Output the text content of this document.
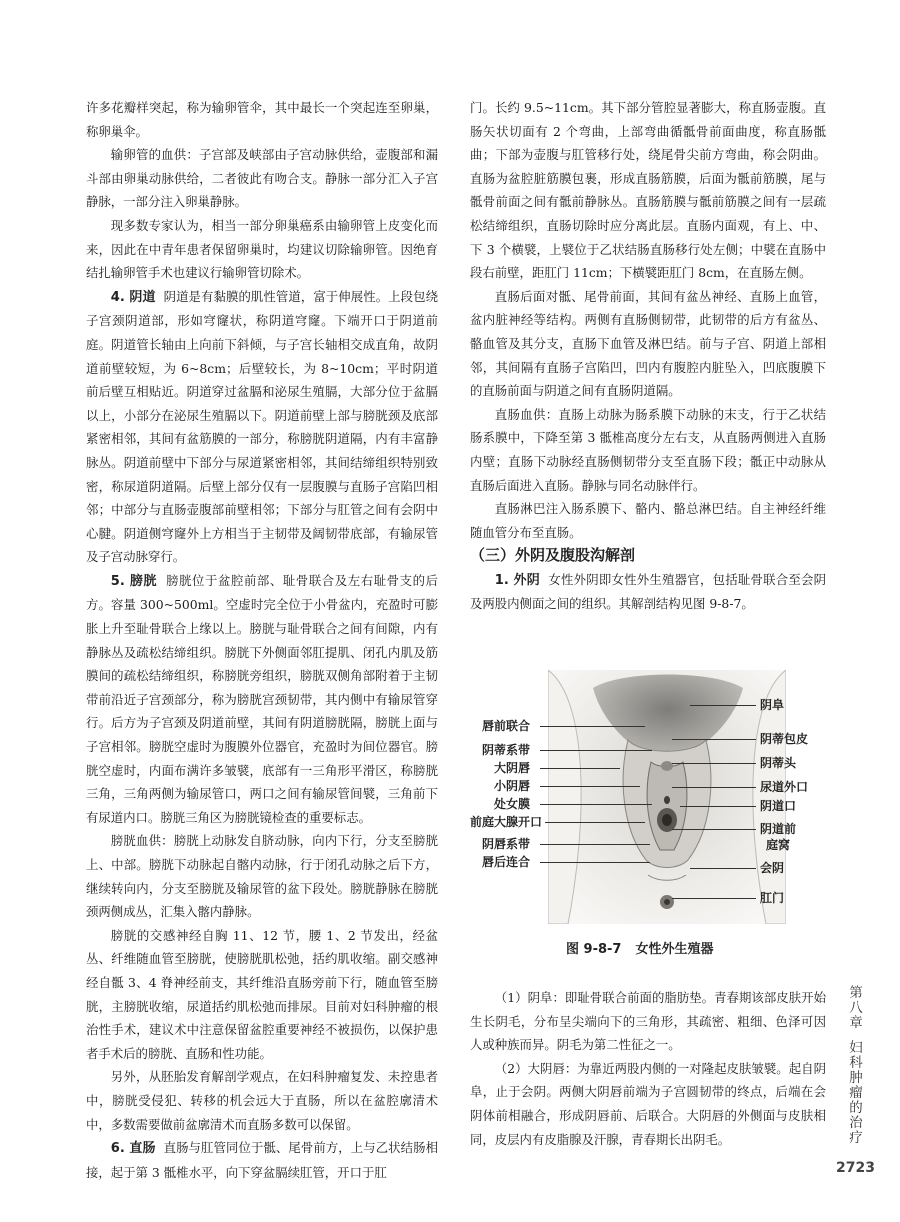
许多花瓣样突起，称为输卵管伞，其中最长一个突起连至卵巢，称卵巢伞。

输卵管的血供：子宫部及峡部由子宫动脉供给，壶腹部和漏斗部由卵巢动脉供给，二者彼此有吻合支。静脉一部分汇入子宫静脉，一部分注入卵巢静脉。

现多数专家认为，相当一部分卵巢癌系由输卵管上皮变化而来，因此在中青年患者保留卵巢时，均建议切除输卵管。因绝育结扎输卵管手术也建议行输卵管切除术。

4. 阴道 阴道是有黏膜的肌性管道，富于伸展性。上段包绕子宫颈阴道部，形如穹窿状，称阴道穹窿。下端开口于阴道前庭。阴道管长轴由上向前下斜倾，与子宫长轴相交成直角，故阴道前壁较短，为 6~8cm；后壁较长，为 8~10cm；平时阴道前后壁互相贴近。阴道穿过盆膈和泌尿生殖膈，大部分位于盆膈以上，小部分在泌尿生殖膈以下。阴道前壁上部与膀胱颈及底部紧密相邻，其间有盆筋膜的一部分，称膀胱阴道隔，内有丰富静脉丛。阴道前壁中下部分与尿道紧密相邻，其间结缔组织特别致密，称尿道阴道隔。后壁上部分仅有一层腹膜与直肠子宫陷凹相邻；中部分与直肠壶腹部前壁相邻；下部分与肛管之间有会阴中心腱。阴道侧穹窿外上方相当于主韧带及阔韧带底部，有输尿管及子宫动脉穿行。

5. 膀胱 膀胱位于盆腔前部、耻骨联合及左右耻骨支的后方。容量 300~500ml。空虚时完全位于小骨盆内，充盈时可膨胀上升至耻骨联合上缘以上。膀胱与耻骨联合之间有间隙，内有静脉丛及疏松结缔组织。膀胱下外侧面邻肛提肌、闭孔内肌及筋膜间的疏松结缔组织，称膀胱旁组织，膀胱双侧角部附着于主韧带前沿近子宫颈部分，称为膀胱宫颈韧带，其内侧中有输尿管穿行。后方为子宫颈及阴道前壁，其间有阴道膀胱隔，膀胱上面与子宫相邻。膀胱空虚时为腹膜外位器官，充盈时为间位器官。膀胱空虚时，内面布满许多皱襞，底部有一三角形平滑区，称膀胱三角，三角两侧为输尿管口，两口之间有输尿管间襞，三角前下有尿道内口。膀胱三角区为膀胱镜检查的重要标志。

膀胱血供：膀胱上动脉发自脐动脉，向内下行，分支至膀胱上、中部。膀胱下动脉起自髂内动脉，行于闭孔动脉之后下方，继续转向内，分支至膀胱及输尿管的盆下段处。膀胱静脉在膀胱颈两侧成丛，汇集入髂内静脉。

膀胱的交感神经自胸 11、12 节，腰 1、2 节发出，经盆丛、纤维随血管至膀胱，使膀胱肌松弛，括约肌收缩。副交感神经自骶 3、4 脊神经前支，其纤维沿直肠旁前下行，随血管至膀胱，主膀胱收缩，尿道括约肌松弛而排尿。目前对妇科肿瘤的根治性手术，建议术中注意保留盆腔重要神经不被损伤，以保护患者手术后的膀胱、直肠和性功能。

另外，从胚胎发育解剖学观点，在妇科肿瘤复发、未控患者中，膀胱受侵犯、转移的机会远大于直肠，所以在盆腔廓清术中，多数需要做前盆廓清术而直肠多数可以保留。

6. 直肠 直肠与肛管同位于骶、尾骨前方，上与乙状结肠相接，起于第 3 骶椎水平，向下穿盆膈续肛管，开口于肛

门。长约 9.5~11cm。其下部分管腔显著膨大，称直肠壶腹。直肠矢状切面有 2 个弯曲，上部弯曲循骶骨前面曲度，称直肠骶曲；下部为壶腹与肛管移行处，绕尾骨尖前方弯曲，称会阴曲。直肠为盆腔脏筋膜包裹，形成直肠筋膜，后面为骶前筋膜，尾与骶骨前面之间有骶前静脉丛。直肠筋膜与骶前筋膜之间有一层疏松结缔组织，直肠切除时应分离此层。直肠内面观，有上、中、下 3 个横襞，上襞位于乙状结肠直肠移行处左侧；中襞在直肠中段右前壁，距肛门 11cm；下横襞距肛门 8cm，在直肠左侧。

直肠后面对骶、尾骨前面，其间有盆丛神经、直肠上血管，盆内脏神经等结构。两侧有直肠侧韧带，此韧带的后方有盆丛、骼血管及其分支，直肠下血管及淋巴结。前与子宫、阴道上部相邻，其间隔有直肠子宫陷凹，凹内有腹腔内脏坠入，凹底腹膜下的直肠前面与阴道之间有直肠阴道隔。

直肠血供：直肠上动脉为肠系膜下动脉的末支，行于乙状结肠系膜中，下降至第 3 骶椎高度分左右支，从直肠两侧进入直肠内壁；直肠下动脉经直肠侧韧带分支至直肠下段；骶正中动脉从直肠后面进入直肠。静脉与同名动脉伴行。

直肠淋巴注入肠系膜下、骼内、骼总淋巴结。自主神经纤维随血管分布至直肠。

（三）外阴及腹股沟解剖

1. 外阴 女性外阴即女性外生殖器官，包括耻骨联合至会阴及两股内侧面之间的组织。其解剖结构见图 9-8-7。

唇前联合
阴蒂系带
大阴唇
小阴唇
处女膜
前庭大腺开口
阴唇系带
唇后连合
阴阜
阴蒂包皮
阴蒂头
尿道外口
阴道口
阴道前
庭窝
会阴
肛门
图 9-8-7 女性外生殖器

（1）阴阜：即耻骨联合前面的脂肪垫。青春期该部皮肤开始生长阴毛，分布呈尖端向下的三角形，其疏密、粗细、色泽可因人或种族而异。阴毛为第二性征之一。

（2）大阴唇：为靠近两股内侧的一对隆起皮肤皱襞。起自阴阜，止于会阴。两侧大阴唇前端为子宫圆韧带的终点，后端在会阴体前相融合，形成阴唇前、后联合。大阴唇的外侧面与皮肤相同，皮层内有皮脂腺及汗腺，青春期长出阴毛。

第
八
章
妇
科
肿
瘤
的
治
疗
2723
